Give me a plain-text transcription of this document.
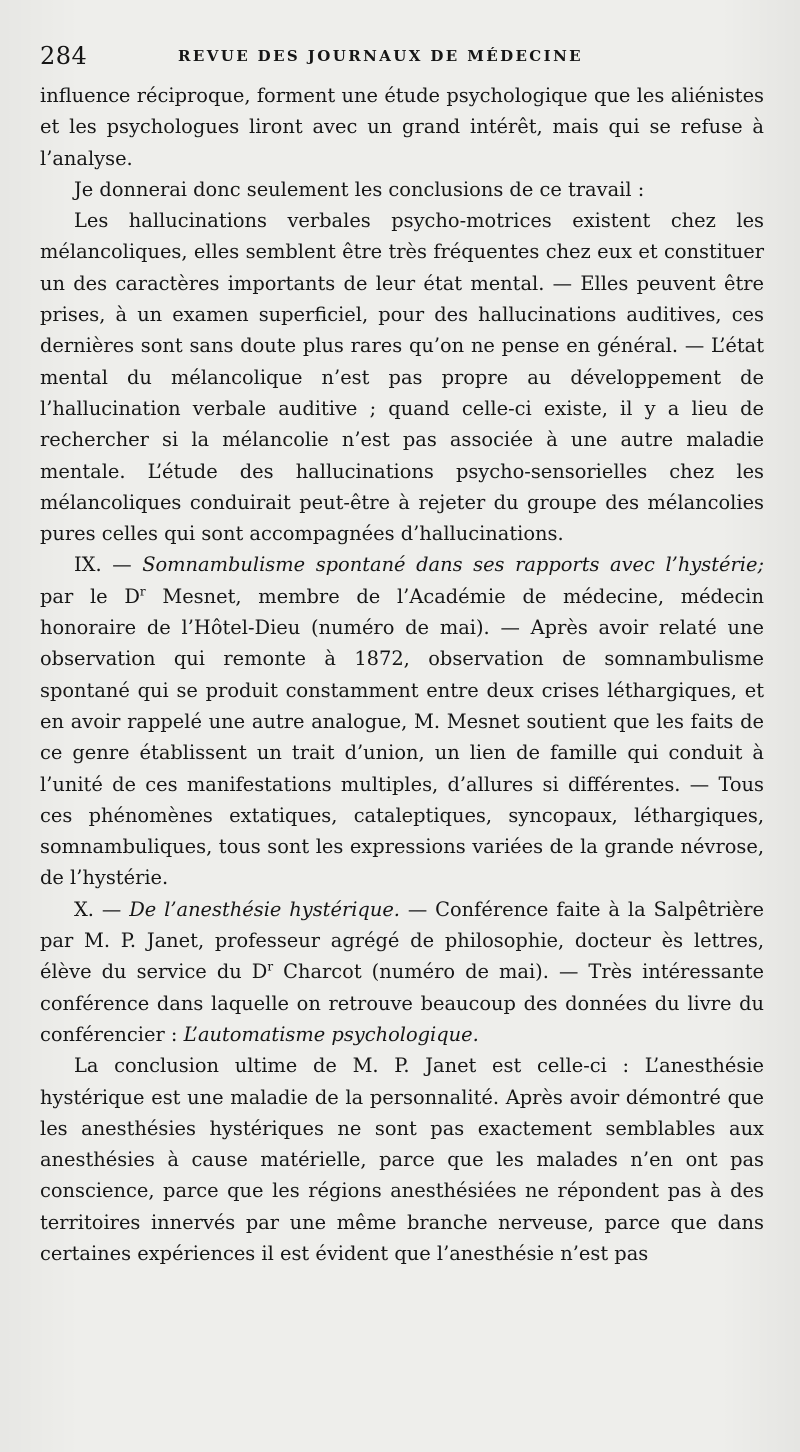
284	REVUE DES JOURNAUX DE MÉDECINE

influence réciproque, forment une étude psychologique que les aliénistes et les psychologues liront avec un grand intérêt, mais qui se refuse à l’analyse.

Je donnerai donc seulement les conclusions de ce travail :

Les hallucinations verbales psycho-motrices existent chez les mélancoliques, elles semblent être très fréquentes chez eux et constituer un des caractères importants de leur état mental. — Elles peuvent être prises, à un examen superficiel, pour des hallucinations auditives, ces dernières sont sans doute plus rares qu’on ne pense en général. — L’état mental du mélancolique n’est pas propre au développement de l’hallucination verbale auditive ; quand celle-ci existe, il y a lieu de rechercher si la mélancolie n’est pas associée à une autre maladie mentale. L’étude des hallucinations psycho-sensorielles chez les mélancoliques conduirait peut-être à rejeter du groupe des mélancolies pures celles qui sont accompagnées d’hallucinations.

IX. — Somnambulisme spontané dans ses rapports avec l’hystérie; par le $D^r$ Mesnet, membre de l’Académie de médecine, médecin honoraire de l’Hôtel-Dieu (numéro de mai). — Après avoir relaté une observation qui remonte à 1872, observation de somnambulisme spontané qui se produit constamment entre deux crises léthargiques, et en avoir rappelé une autre analogue, M. Mesnet soutient que les faits de ce genre établissent un trait d’union, un lien de famille qui conduit à l’unité de ces manifestations multiples, d’allures si différentes. — Tous ces phénomènes extatiques, cataleptiques, syncopaux, léthargiques, somnambuliques, tous sont les expressions variées de la grande névrose, de l’hystérie.

X. — De l’anesthésie hystérique. — Conférence faite à la Salpêtrière par M. P. Janet, professeur agrégé de philosophie, docteur ès lettres, élève du service du $D^r$ Charcot (numéro de mai). — Très intéressante conférence dans laquelle on retrouve beaucoup des données du livre du conférencier : L’automatisme psychologique.

La conclusion ultime de M. P. Janet est celle-ci : L’anesthésie hystérique est une maladie de la personnalité. Après avoir démontré que les anesthésies hystériques ne sont pas exactement semblables aux anesthésies à cause matérielle, parce que les malades n’en ont pas conscience, parce que les régions anesthésiées ne répondent pas à des territoires innervés par une même branche nerveuse, parce que dans certaines expériences il est évident que l’anesthésie n’est pas
